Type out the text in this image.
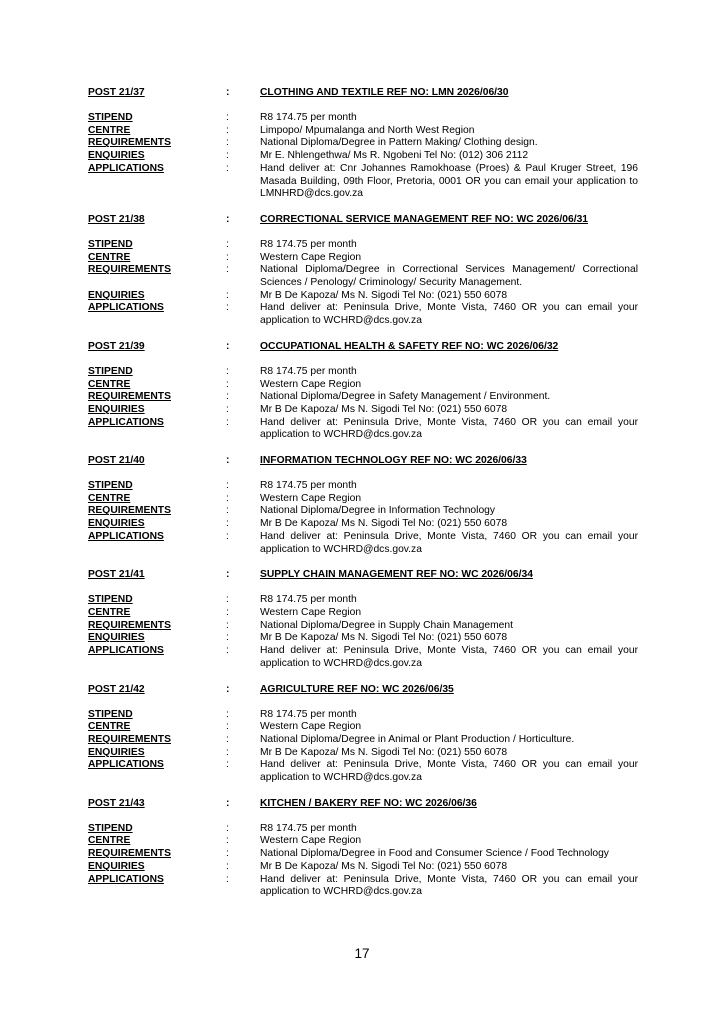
POST 21/37	:	CLOTHING AND TEXTILE REF NO: LMN 2026/06/30
STIPEND	:	R8 174.75 per month
CENTRE	:	Limpopo/ Mpumalanga and North West Region
REQUIREMENTS	:	National Diploma/Degree in Pattern Making/ Clothing design.
ENQUIRIES	:	Mr E. Nhlengethwa/ Ms R. Ngobeni Tel No: (012) 306 2112
APPLICATIONS	:	Hand deliver at: Cnr Johannes Ramokhoase (Proes) & Paul Kruger Street, 196 Masada Building, 09th Floor, Pretoria, 0001 OR you can email your application to LMNHRD@dcs.gov.za
POST 21/38	:	CORRECTIONAL SERVICE MANAGEMENT REF NO: WC 2026/06/31
STIPEND	:	R8 174.75 per month
CENTRE	:	Western Cape Region
REQUIREMENTS	:	National Diploma/Degree in Correctional Services Management/ Correctional Sciences / Penology/ Criminology/ Security Management.
ENQUIRIES	:	Mr B De Kapoza/ Ms N. Sigodi Tel No: (021) 550 6078
APPLICATIONS	:	Hand deliver at: Peninsula Drive, Monte Vista, 7460 OR you can email your application to WCHRD@dcs.gov.za
POST 21/39	:	OCCUPATIONAL HEALTH & SAFETY REF NO: WC 2026/06/32
STIPEND	:	R8 174.75 per month
CENTRE	:	Western Cape Region
REQUIREMENTS	:	National Diploma/Degree in Safety Management / Environment.
ENQUIRIES	:	Mr B De Kapoza/ Ms N. Sigodi Tel No: (021) 550 6078
APPLICATIONS	:	Hand deliver at: Peninsula Drive, Monte Vista, 7460 OR you can email your application to WCHRD@dcs.gov.za
POST 21/40	:	INFORMATION TECHNOLOGY REF NO: WC 2026/06/33
STIPEND	:	R8 174.75 per month
CENTRE	:	Western Cape Region
REQUIREMENTS	:	National Diploma/Degree in Information Technology
ENQUIRIES	:	Mr B De Kapoza/ Ms N. Sigodi Tel No: (021) 550 6078
APPLICATIONS	:	Hand deliver at: Peninsula Drive, Monte Vista, 7460 OR you can email your application to WCHRD@dcs.gov.za
POST 21/41	:	SUPPLY CHAIN MANAGEMENT REF NO: WC 2026/06/34
STIPEND	:	R8 174.75 per month
CENTRE	:	Western Cape Region
REQUIREMENTS	:	National Diploma/Degree in Supply Chain Management
ENQUIRIES	:	Mr B De Kapoza/ Ms N. Sigodi Tel No: (021) 550 6078
APPLICATIONS	:	Hand deliver at: Peninsula Drive, Monte Vista, 7460 OR you can email your application to WCHRD@dcs.gov.za
POST 21/42	:	AGRICULTURE REF NO: WC 2026/06/35
STIPEND	:	R8 174.75 per month
CENTRE	:	Western Cape Region
REQUIREMENTS	:	National Diploma/Degree in Animal or Plant Production / Horticulture.
ENQUIRIES	:	Mr B De Kapoza/ Ms N. Sigodi Tel No: (021) 550 6078
APPLICATIONS	:	Hand deliver at: Peninsula Drive, Monte Vista, 7460 OR you can email your application to WCHRD@dcs.gov.za
POST 21/43	:	KITCHEN / BAKERY REF NO: WC 2026/06/36
STIPEND	:	R8 174.75 per month
CENTRE	:	Western Cape Region
REQUIREMENTS	:	National Diploma/Degree in Food and Consumer Science / Food Technology
ENQUIRIES	:	Mr B De Kapoza/ Ms N. Sigodi Tel No: (021) 550 6078
APPLICATIONS	:	Hand deliver at: Peninsula Drive, Monte Vista, 7460 OR you can email your application to WCHRD@dcs.gov.za
17
